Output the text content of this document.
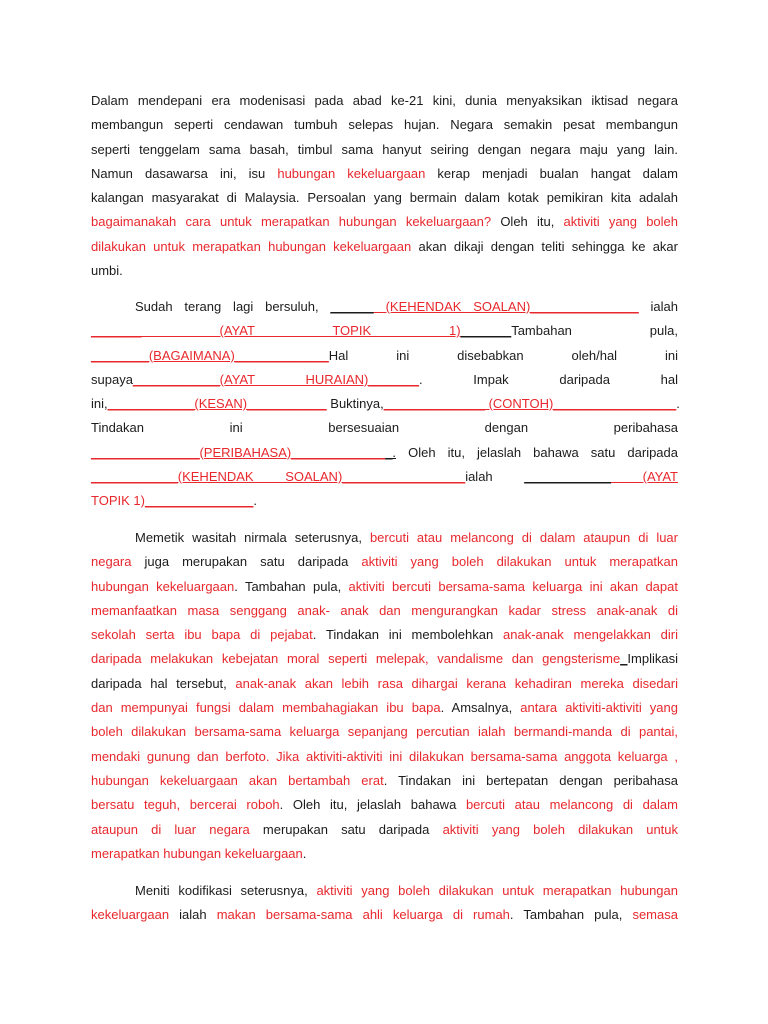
Dalam mendepani era modenisasi pada abad ke-21 kini, dunia menyaksikan iktisad negara
membangun seperti cendawan tumbuh selepas hujan. Negara semakin pesat membangun
seperti tenggelam sama basah, timbul sama hanyut seiring dengan negara maju yang lain.
Namun dasawarsa ini, isu hubungan kekeluargaan kerap menjadi bualan hangat dalam
kalangan masyarakat di Malaysia. Persoalan yang bermain dalam kotak pemikiran kita adalah
bagaimanakah cara untuk merapatkan hubungan kekeluargaan? Oleh itu, aktiviti yang boleh
dilakukan untuk merapatkan hubungan kekeluargaan akan dikaji dengan teliti sehingga ke akar
umbi.
Sudah terang lagi bersuluh, ______ (KEHENDAK SOALAN)_______________ ialah
_______ (AYAT TOPIK 1)_______Tambahan pula,
________(BAGAIMANA)_____________Hal ini disebabkan oleh/hal ini
supaya____________(AYAT HURAIAN)_______. Impak daripada hal
ini,____________(KESAN)___________ Buktinya,______________ (CONTOH)_________________.
Tindakan ini bersesuaian dengan peribahasa
_______________(PERIBAHASA)______________. Oleh itu, jelaslah bahawa satu daripada
____________(KEHENDAK SOALAN)_________________ialah ____________ (AYAT
TOPIK 1)_______________.
Memetik wasitah nirmala seterusnya, bercuti atau melancong di dalam ataupun di luar
negara juga merupakan satu daripada aktiviti yang boleh dilakukan untuk merapatkan
hubungan kekeluargaan. Tambahan pula, aktiviti bercuti bersama-sama keluarga ini akan dapat
memanfaatkan masa senggang anak- anak dan mengurangkan kadar stress anak-anak di
sekolah serta ibu bapa di pejabat. Tindakan ini membolehkan anak-anak mengelakkan diri
daripada melakukan kebejatan moral seperti melepak, vandalisme dan gengsterisme_Implikasi
daripada hal tersebut, anak-anak akan lebih rasa dihargai kerana kehadiran mereka disedari
dan mempunyai fungsi dalam membahagiakan ibu bapa. Amsalnya, antara aktiviti-aktiviti yang
boleh dilakukan bersama-sama keluarga sepanjang percutian ialah bermandi-manda di pantai,
mendaki gunung dan berfoto. Jika aktiviti-aktiviti ini dilakukan bersama-sama anggota keluarga ,
hubungan kekeluargaan akan bertambah erat. Tindakan ini bertepatan dengan peribahasa
bersatu teguh, bercerai roboh. Oleh itu, jelaslah bahawa bercuti atau melancong di dalam
ataupun di luar negara merupakan satu daripada aktiviti yang boleh dilakukan untuk
merapatkan hubungan kekeluargaan.
Meniti kodifikasi seterusnya, aktiviti yang boleh dilakukan untuk merapatkan hubungan
kekeluargaan ialah makan bersama-sama ahli keluarga di rumah. Tambahan pula, semasa
